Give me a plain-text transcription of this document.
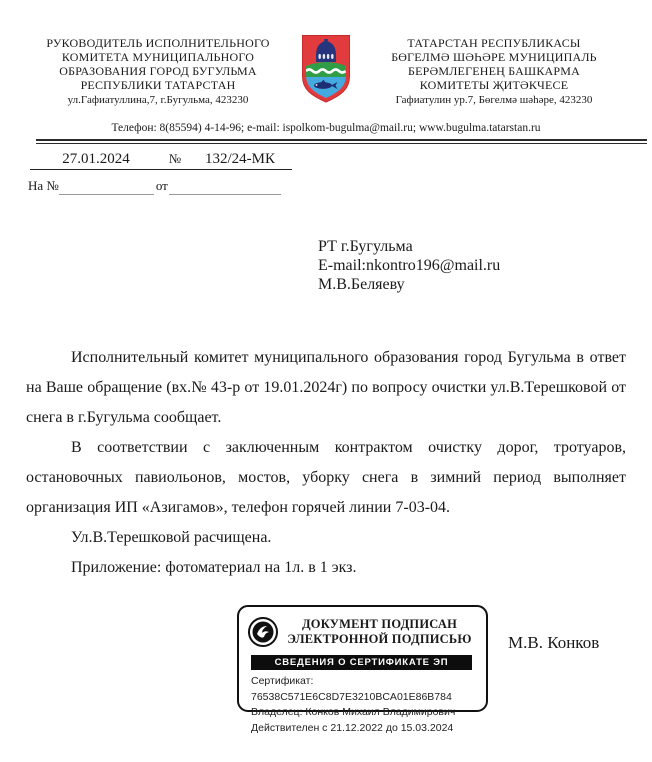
РУКОВОДИТЕЛЬ ИСПОЛНИТЕЛЬНОГО
КОМИТЕТА МУНИЦИПАЛЬНОГО
ОБРАЗОВАНИЯ ГОРОД БУГУЛЬМА
РЕСПУБЛИКИ ТАТАРСТАН
ул.Гафиатуллина,7, г.Бугульма, 423230
ТАТАРСТАН РЕСПУБЛИКАСЫ
БӨГЕЛМӘ ШӘҺӘРЕ МУНИЦИПАЛЬ
БЕРӘМЛЕГЕНЕҢ БАШКАРМА
КОМИТЕТЫ ҖИТӘКЧЕСЕ
Гафиатулин ур.7, Бөгелмә шәһәре, 423230
Телефон: 8(85594) 4-14-96; e-mail: ispolkom-bugulma@mail.ru; www.bugulma.tatarstan.ru
27.01.2024	№	132/24-МК
На №	от
РТ г.Бугульма
E-mail:nkontro196@mail.ru
М.В.Беляеву

Исполнительный комитет муниципального образования город Бугульма в ответ на Ваше обращение (вх.№ 43-р от 19.01.2024г) по вопросу очистки ул.В.Терешковой от снега в г.Бугульма сообщает.

В соответствии с заключенным контрактом очистку дорог, тротуаров, остановочных павиольонов, мостов, уборку снега в зимний период выполняет организация ИП «Азигамов», телефон горячей линии 7-03-04.

Ул.В.Терешковой расчищена.

Приложение: фотоматериал на 1л. в 1 экз.

ДОКУМЕНТ ПОДПИСАН
ЭЛЕКТРОННОЙ ПОДПИСЬЮ
СВЕДЕНИЯ О СЕРТИФИКАТЕ ЭП
Сертификат: 76538C571E6C8D7E3210BCA01E86B784
Владелец: Конков Михаил Владимирович
Действителен с 21.12.2022 до 15.03.2024
М.В. Конков
